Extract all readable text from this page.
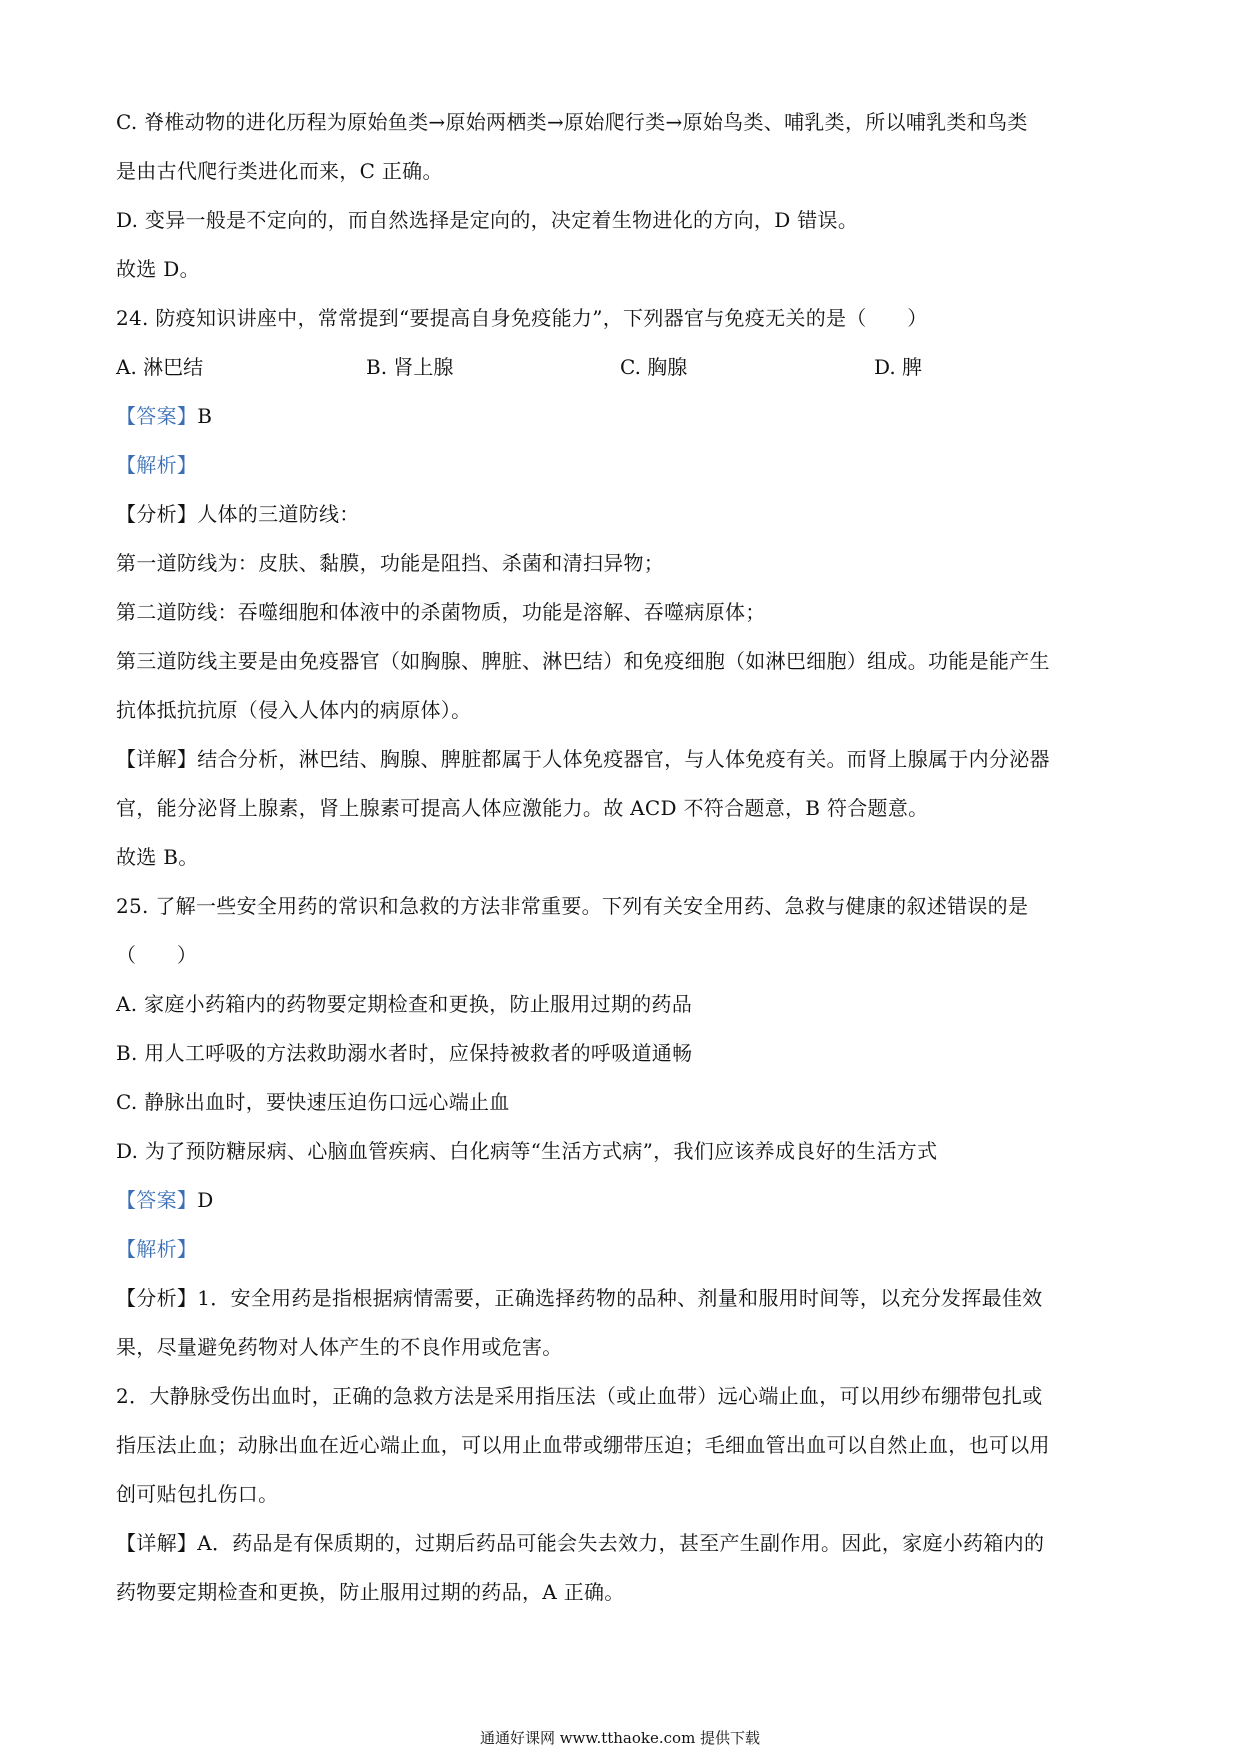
C. 脊椎动物的进化历程为原始鱼类→原始两栖类→原始爬行类→原始鸟类、哺乳类，所以哺乳类和鸟类
是由古代爬行类进化而来，C 正确。
D. 变异一般是不定向的，而自然选择是定向的，决定着生物进化的方向，D 错误。
故选 D。
24. 防疫知识讲座中，常常提到“要提高自身免疫能力”，下列器官与免疫无关的是（　　）
A. 淋巴结	B. 肾上腺	C. 胸腺	D. 脾
【答案】B
【解析】
【分析】人体的三道防线：
第一道防线为：皮肤、黏膜，功能是阻挡、杀菌和清扫异物；
第二道防线：吞噬细胞和体液中的杀菌物质，功能是溶解、吞噬病原体；
第三道防线主要是由免疫器官（如胸腺、脾脏、淋巴结）和免疫细胞（如淋巴细胞）组成。功能是能产生
抗体抵抗抗原（侵入人体内的病原体）。
【详解】结合分析，淋巴结、胸腺、脾脏都属于人体免疫器官，与人体免疫有关。而肾上腺属于内分泌器
官，能分泌肾上腺素，肾上腺素可提高人体应激能力。故 ACD 不符合题意，B 符合题意。
故选 B。
25. 了解一些安全用药的常识和急救的方法非常重要。下列有关安全用药、急救与健康的叙述错误的是
（　　）
A. 家庭小药箱内的药物要定期检查和更换，防止服用过期的药品
B. 用人工呼吸的方法救助溺水者时，应保持被救者的呼吸道通畅
C. 静脉出血时，要快速压迫伤口远心端止血
D. 为了预防糖尿病、心脑血管疾病、白化病等“生活方式病”，我们应该养成良好的生活方式
【答案】D
【解析】
【分析】1．安全用药是指根据病情需要，正确选择药物的品种、剂量和服用时间等，以充分发挥最佳效
果，尽量避免药物对人体产生的不良作用或危害。
2．大静脉受伤出血时，正确的急救方法是采用指压法（或止血带）远心端止血，可以用纱布绷带包扎或
指压法止血；动脉出血在近心端止血，可以用止血带或绷带压迫；毛细血管出血可以自然止血，也可以用
创可贴包扎伤口。
【详解】A．药品是有保质期的，过期后药品可能会失去效力，甚至产生副作用。因此，家庭小药箱内的
药物要定期检查和更换，防止服用过期的药品，A 正确。
通通好课网 www.tthaoke.com 提供下载
